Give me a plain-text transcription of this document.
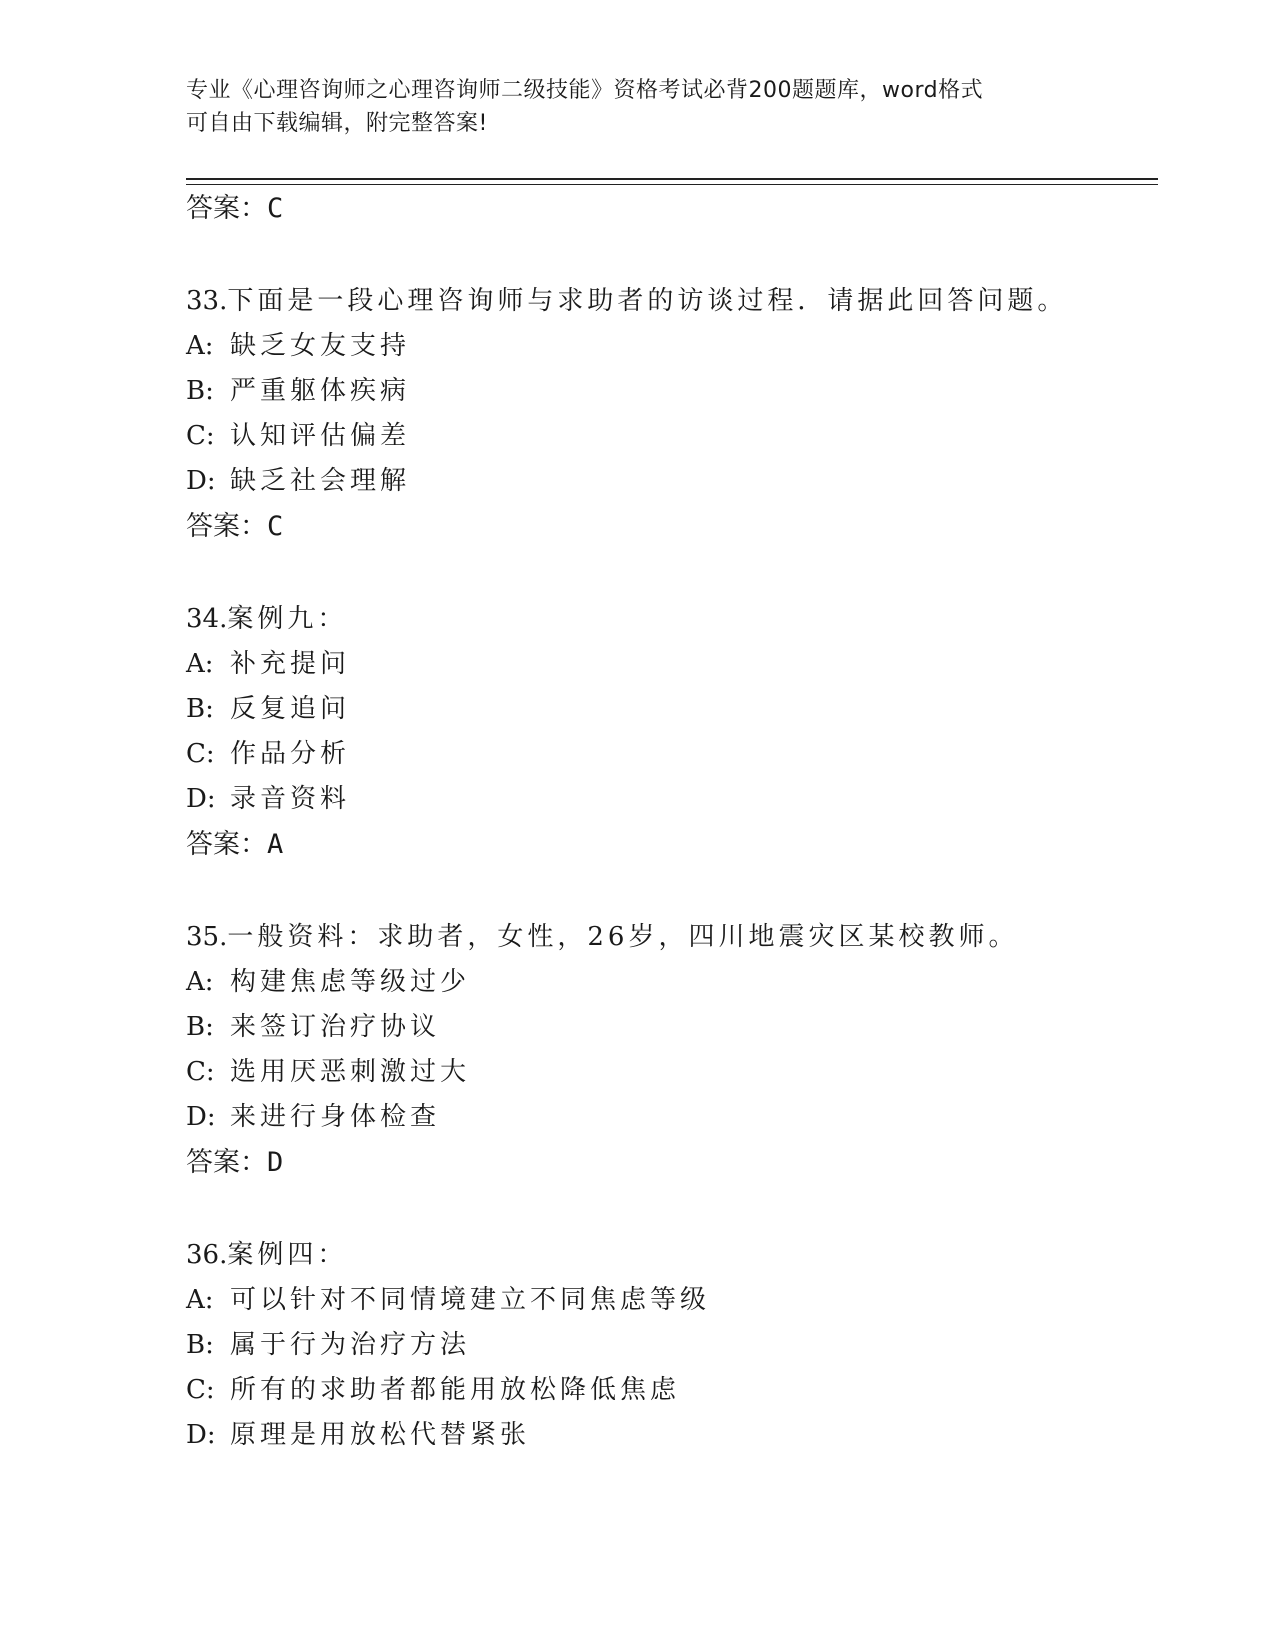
专业《心理咨询师之心理咨询师二级技能》资格考试必背200题题库，word格式
可自由下载编辑，附完整答案!
答案：C
33.下面是一段心理咨询师与求助者的访谈过程．请据此回答问题。
A: 缺乏女友支持
B: 严重躯体疾病
C: 认知评估偏差
D: 缺乏社会理解
答案：C
34.案例九：
A: 补充提问
B: 反复追问
C: 作品分析
D: 录音资料
答案：A
35.一般资料：求助者，女性，26岁，四川地震灾区某校教师。
A: 构建焦虑等级过少
B: 来签订治疗协议
C: 选用厌恶刺激过大
D: 来进行身体检查
答案：D
36.案例四：
A: 可以针对不同情境建立不同焦虑等级
B: 属于行为治疗方法
C: 所有的求助者都能用放松降低焦虑
D: 原理是用放松代替紧张
